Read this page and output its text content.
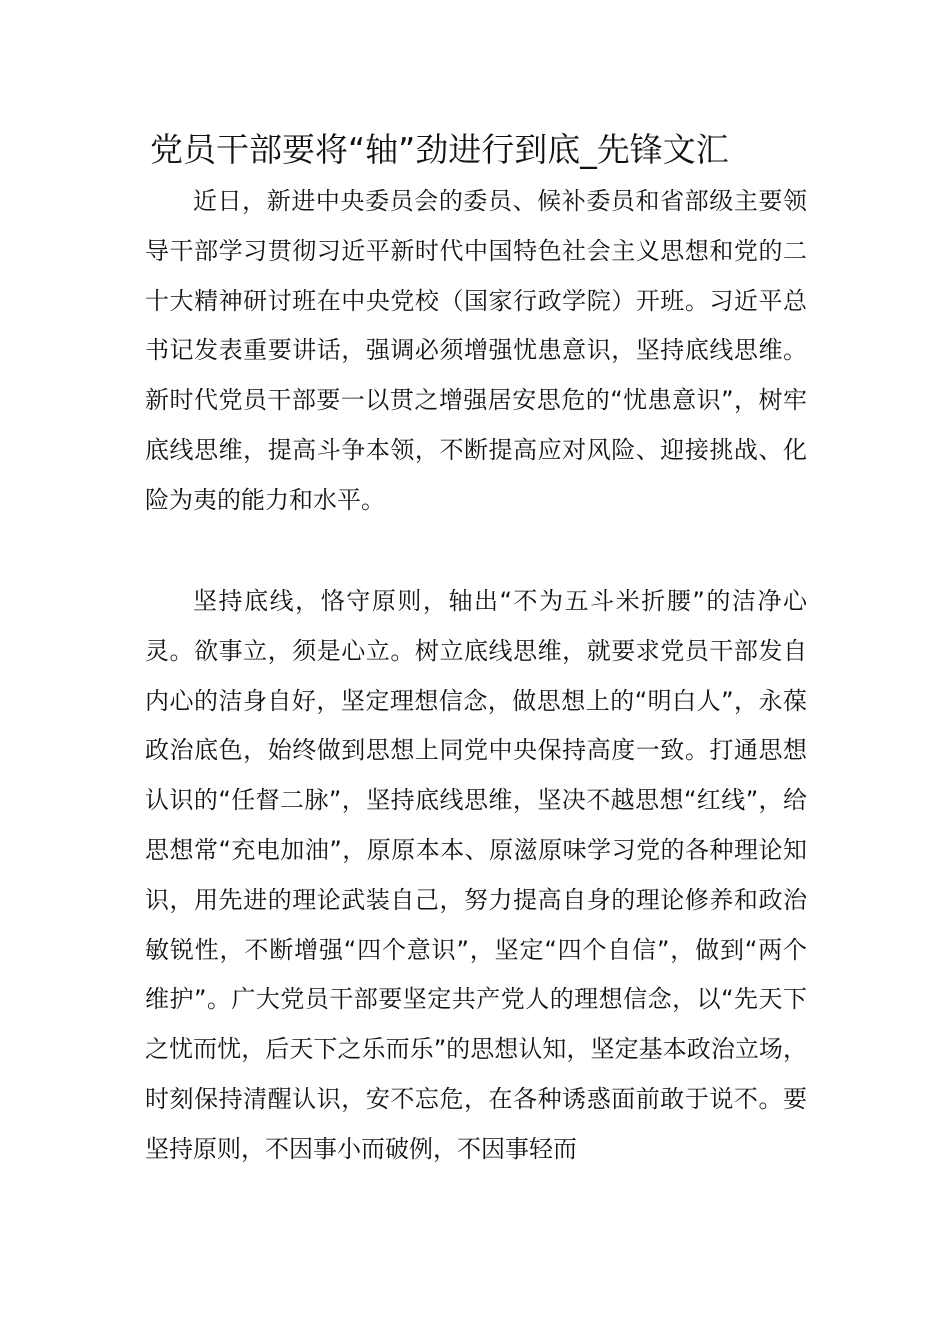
党员干部要将“轴”劲进行到底_先锋文汇

近日，新进中央委员会的委员、候补委员和省部级主要领导干部学习贯彻习近平新时代中国特色社会主义思想和党的二十大精神研讨班在中央党校（国家行政学院）开班。习近平总书记发表重要讲话，强调必须增强忧患意识，坚持底线思维。新时代党员干部要一以贯之增强居安思危的“忧患意识”，树牢底线思维，提高斗争本领，不断提高应对风险、迎接挑战、化险为夷的能力和水平。

坚持底线，恪守原则，轴出“不为五斗米折腰”的洁净心灵。欲事立，须是心立。树立底线思维，就要求党员干部发自内心的洁身自好，坚定理想信念，做思想上的“明白人”，永葆政治底色，始终做到思想上同党中央保持高度一致。打通思想认识的“任督二脉”，坚持底线思维，坚决不越思想“红线”，给思想常“充电加油”，原原本本、原滋原味学习党的各种理论知识，用先进的理论武装自己，努力提高自身的理论修养和政治敏锐性，不断增强“四个意识”，坚定“四个自信”，做到“两个维护”。广大党员干部要坚定共产党人的理想信念，以“先天下之忧而忧，后天下之乐而乐”的思想认知，坚定基本政治立场，时刻保持清醒认识，安不忘危，在各种诱惑面前敢于说不。要坚持原则，不因事小而破例，不因事轻而
